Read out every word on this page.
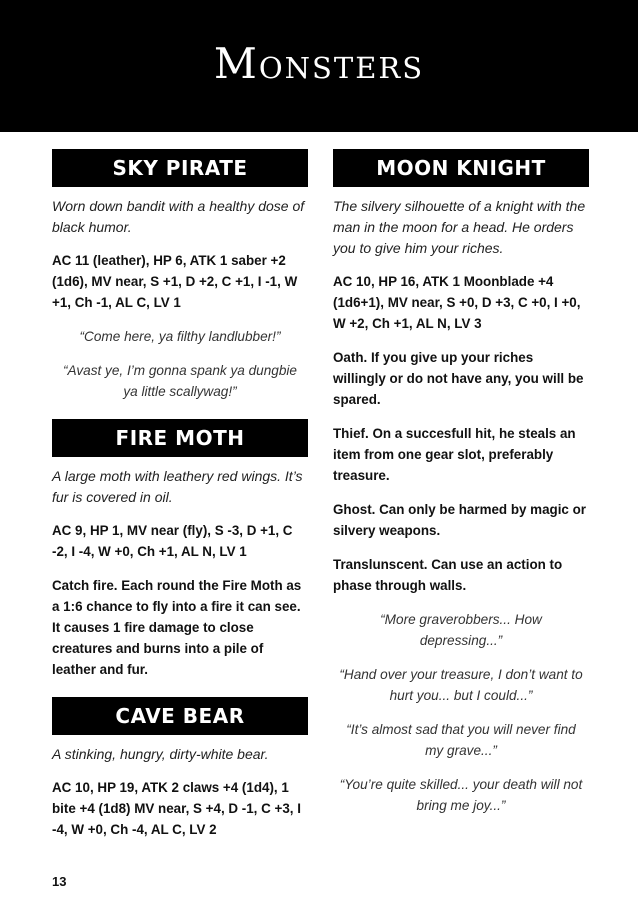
Monsters
SKY PIRATE

Worn down bandit with a healthy dose of black humor.

AC 11 (leather), HP 6, ATK 1 saber +2 (1d6), MV near, S +1, D +2, C +1, I -1, W +1, Ch -1, AL C, LV 1

“Come here, ya filthy landlubber!”

“Avast ye, I’m gonna spank ya dungbie ya little scallywag!”

FIRE MOTH

A large moth with leathery red wings. It’s fur is covered in oil.

AC 9, HP 1, MV near (fly), S -3, D +1, C -2, I -4, W +0, Ch +1, AL N, LV 1

Catch fire. Each round the Fire Moth as a 1:6 chance to fly into a fire it can see. It causes 1 fire damage to close creatures and burns into a pile of leather and fur.

CAVE BEAR

A stinking, hungry, dirty-white bear.

AC 10, HP 19, ATK 2 claws +4 (1d4), 1 bite +4 (1d8) MV near, S +4, D -1, C +3, I -4, W +0, Ch -4, AL C, LV 2

MOON KNIGHT

The silvery silhouette of a knight with the man in the moon for a head. He orders you to give him your riches.

AC 10, HP 16, ATK 1 Moonblade +4 (1d6+1), MV near, S +0, D +3, C +0, I +0, W +2, Ch +1, AL N, LV 3

Oath. If you give up your riches willingly or do not have any, you will be spared.

Thief. On a succesfull hit, he steals an item from one gear slot, preferably treasure.

Ghost. Can only be harmed by magic or silvery weapons.

Translunscent. Can use an action to phase through walls.

“More graverobbers... How depressing...”

“Hand over your treasure, I don’t want to hurt you... but I could...”

“It’s almost sad that you will never find my grave...”

“You’re quite skilled... your death will not bring me joy...”

13
